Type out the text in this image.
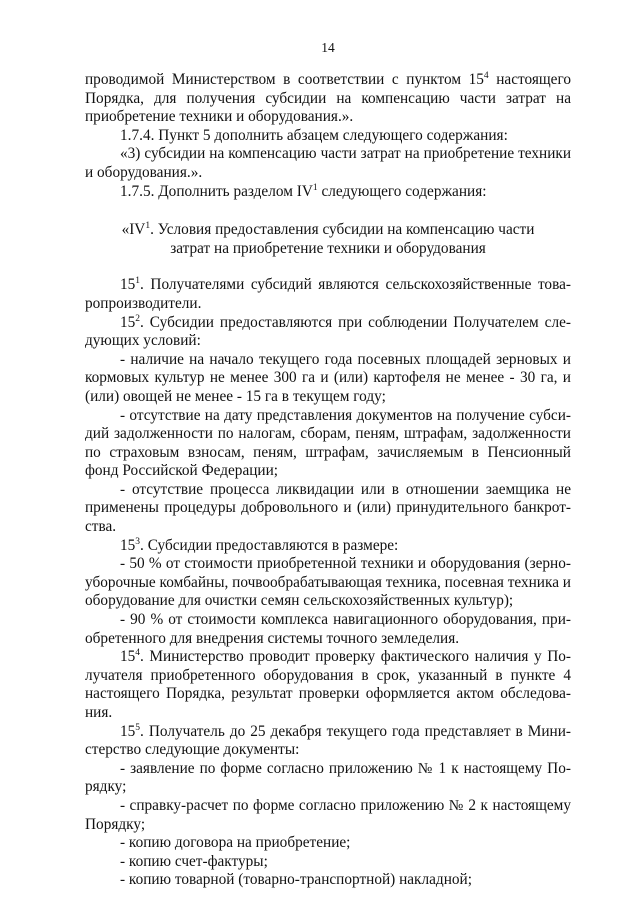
14

проводимой Министерством в соответствии с пунктом $15^4$ настоящего Порядка, для получения субсидии на компенсацию части затрат на приобретение техники и оборудования.».

1.7.4. Пункт 5 дополнить абзацем следующего содержания:

«3) субсидии на компенсацию части затрат на приобретение техники и оборудования.».

1.7.5. Дополнить разделом $IV^1$ следующего содержания:

«$IV^1$. Условия предоставления субсидии на компенсацию части затрат на приобретение техники и оборудования

$15^1$. Получателями субсидий являются сельскохозяйственные товаропроизводители.

$15^2$. Субсидии предоставляются при соблюдении Получателем следующих условий:

- наличие на начало текущего года посевных площадей зерновых и кормовых культур не менее 300 га и (или) картофеля не менее - 30 га, и (или) овощей не менее - 15 га в текущем году;

- отсутствие на дату представления документов на получение субсидий задолженности по налогам, сборам, пеням, штрафам, задолженности по страховым взносам, пеням, штрафам, зачисляемым в Пенсионный фонд Российской Федерации;

- отсутствие процесса ликвидации или в отношении заемщика не применены процедуры добровольного и (или) принудительного банкротства.

$15^3$. Субсидии предоставляются в размере:

- 50 % от стоимости приобретенной техники и оборудования (зерноуборочные комбайны, почвообрабатывающая техника, посевная техника и оборудование для очистки семян сельскохозяйственных культур);

- 90 % от стоимости комплекса навигационного оборудования, приобретенного для внедрения системы точного земледелия.

$15^4$. Министерство проводит проверку фактического наличия у Получателя приобретенного оборудования в срок, указанный в пункте 4 настоящего Порядка, результат проверки оформляется актом обследования.

$15^5$. Получатель до 25 декабря текущего года представляет в Министерство следующие документы:

- заявление по форме согласно приложению № 1 к настоящему Порядку;

- справку-расчет по форме согласно приложению № 2 к настоящему Порядку;

- копию договора на приобретение;

- копию счет-фактуры;

- копию товарной (товарно-транспортной) накладной;
